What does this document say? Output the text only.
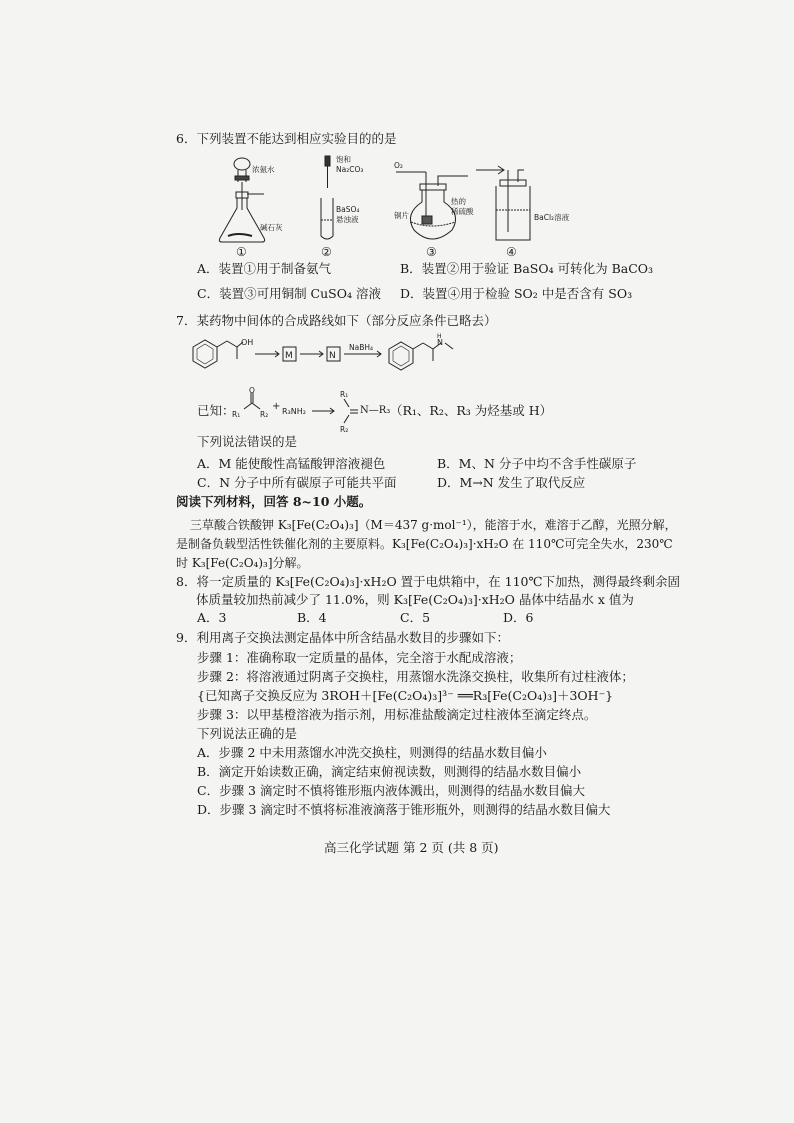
6．下列装置不能达到相应实验目的的是
浓氨水
碱石灰
饱和
Na₂CO₃
BaSO₄
悬浊液
O₂
热的
稀硫酸
铜片	BaCl₂溶液
①	②	③	④
A．装置①用于制备氨气	B．装置②用于验证 BaSO₄ 可转化为 BaCO₃
C．装置③可用铜制 CuSO₄ 溶液 D．装置④用于检验 SO₂ 中是否含有 SO₃
7．某药物中间体的合成路线如下（部分反应条件已略去）
OH
M	N
NaBH₄
N
H
已知：
O
R₁	R₂
+ R₃NH₂
R₁
R₂
N—R₃ （R₁、R₂、R₃ 为烃基或 H）
下列说法错误的是
A．M 能使酸性高锰酸钾溶液褪色	B．M、N 分子中均不含手性碳原子
C．N 分子中所有碳原子可能共平面	D．M→N 发生了取代反应
阅读下列材料，回答 8~10 小题。
三草酸合铁酸钾 K₃[Fe(C₂O₄)₃]（M＝437 g·mol⁻¹），能溶于水，难溶于乙醇，光照分解，
是制备负载型活性铁催化剂的主要原料。K₃[Fe(C₂O₄)₃]·xH₂O 在 110℃可完全失水，230℃
时 K₃[Fe(C₂O₄)₃]分解。
8．将一定质量的 K₃[Fe(C₂O₄)₃]·xH₂O 置于电烘箱中，在 110℃下加热，测得最终剩余固
体质量较加热前减少了 11.0%，则 K₃[Fe(C₂O₄)₃]·xH₂O 晶体中结晶水 x 值为
A．3	B．4	C．5	D．6
9．利用离子交换法测定晶体中所含结晶水数目的步骤如下：
步骤 1：准确称取一定质量的晶体，完全溶于水配成溶液；
步骤 2：将溶液通过阴离子交换柱，用蒸馏水洗涤交换柱，收集所有过柱液体；
{已知离子交换反应为 3ROH＋[Fe(C₂O₄)₃]³⁻ ══R₃[Fe(C₂O₄)₃]＋3OH⁻}
步骤 3：以甲基橙溶液为指示剂，用标准盐酸滴定过柱液体至滴定终点。
下列说法正确的是
A．步骤 2 中未用蒸馏水冲洗交换柱，则测得的结晶水数目偏小
B．滴定开始读数正确，滴定结束俯视读数，则测得的结晶水数目偏小
C．步骤 3 滴定时不慎将锥形瓶内液体溅出，则测得的结晶水数目偏大
D．步骤 3 滴定时不慎将标准液滴落于锥形瓶外，则测得的结晶水数目偏大
高三化学试题 第 2 页 (共 8 页)
